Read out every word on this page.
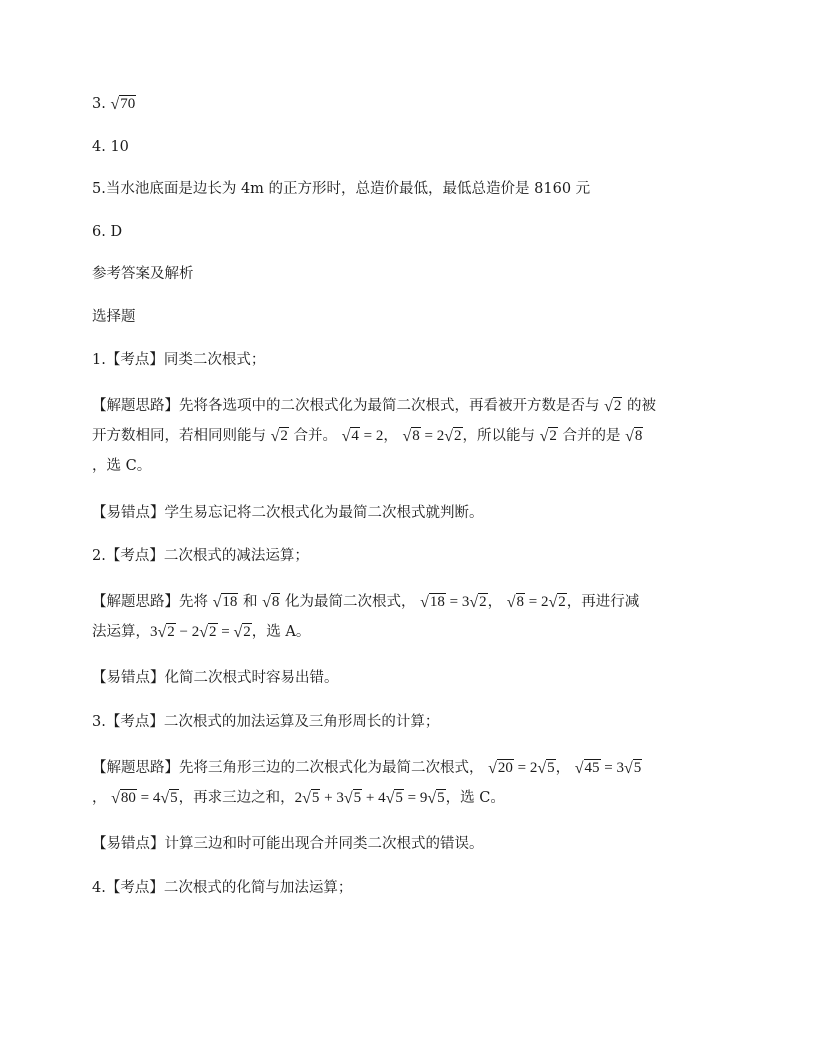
3. √70
4. 10
5.当水池底面是边长为 4m 的正方形时，总造价最低，最低总造价是 8160 元
6. D
参考答案及解析
选择题
1.【考点】同类二次根式；
【解题思路】先将各选项中的二次根式化为最简二次根式，再看被开方数是否与 √2 的被
开方数相同，若相同则能与 √2 合并。 √4 = 2， √8 = 2√2，所以能与 √2 合并的是 √8
，选 C。
【易错点】学生易忘记将二次根式化为最简二次根式就判断。
2.【考点】二次根式的减法运算；
【解题思路】先将 √18 和 √8 化为最简二次根式， √18 = 3√2， √8 = 2√2，再进行减
法运算，3√2 − 2√2 = √2，选 A。
【易错点】化简二次根式时容易出错。
3.【考点】二次根式的加法运算及三角形周长的计算；
【解题思路】先将三角形三边的二次根式化为最简二次根式， √20 = 2√5， √45 = 3√5
， √80 = 4√5，再求三边之和，2√5 + 3√5 + 4√5 = 9√5，选 C。
【易错点】计算三边和时可能出现合并同类二次根式的错误。
4.【考点】二次根式的化简与加法运算；
